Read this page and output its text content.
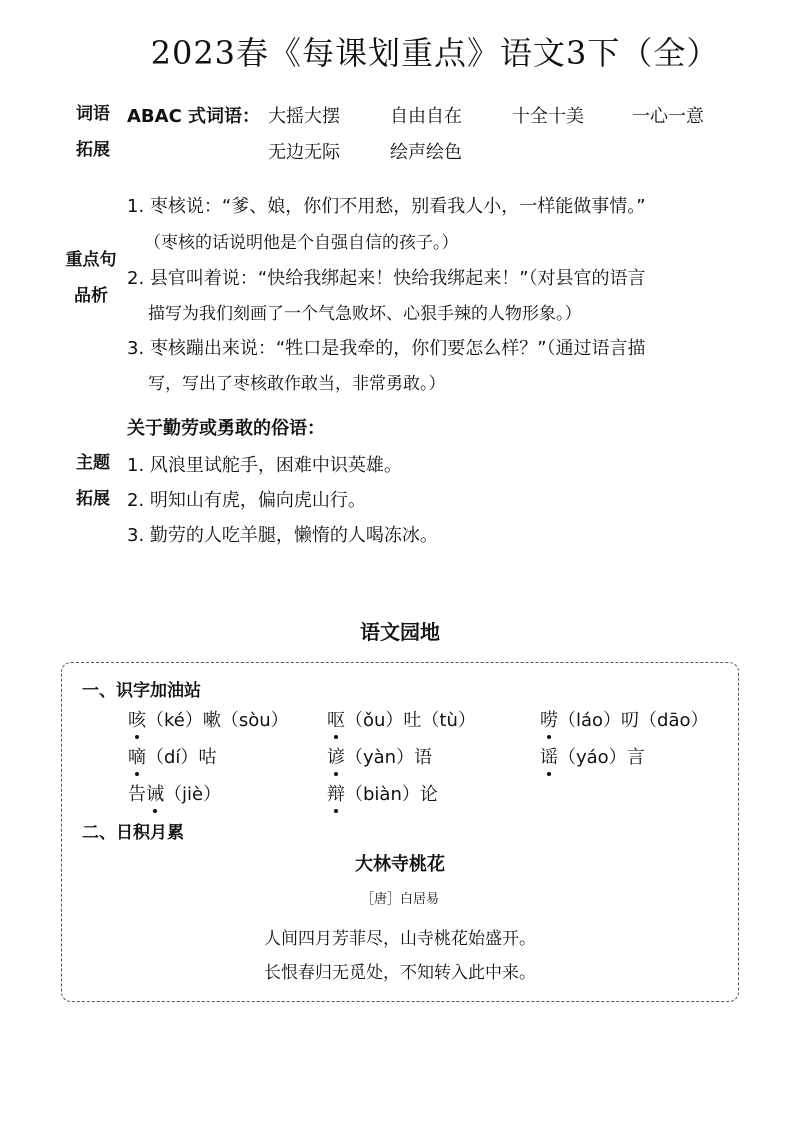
2023春《每课划重点》语文3下（全）
词语
拓展
ABAC 式词语： 大摇大摆	自由自在	十全十美	一心一意
无边无际	绘声绘色
重点句
品析
1. 枣核说：“爹、娘，你们不用愁，别看我人小，一样能做事情。”
（枣核的话说明他是个自强自信的孩子。）
2. 县官叫着说：“快给我绑起来！快给我绑起来！”（对县官的语言
描写为我们刻画了一个气急败坏、心狠手辣的人物形象。）
3. 枣核蹦出来说：“牲口是我牵的，你们要怎么样？”（通过语言描
写，写出了枣核敢作敢当，非常勇敢。）
关于勤劳或勇敢的俗语：
主题
拓展
1. 风浪里试舵手，困难中识英雄。
2. 明知山有虎，偏向虎山行。
3. 勤劳的人吃羊腿，懒惰的人喝冻冰。
语文园地
一、识字加油站
咳（ké）嗽（sòu） 呕（ǒu）吐（tù）	唠（láo）叨（dāo）
嘀（dí）咕	谚（yàn）语	谣（yáo）言
告诫（jiè）	辩（biàn）论
二、日积月累
大林寺桃花
［唐］白居易
人间四月芳菲尽，山寺桃花始盛开。
长恨春归无觅处，不知转入此中来。
